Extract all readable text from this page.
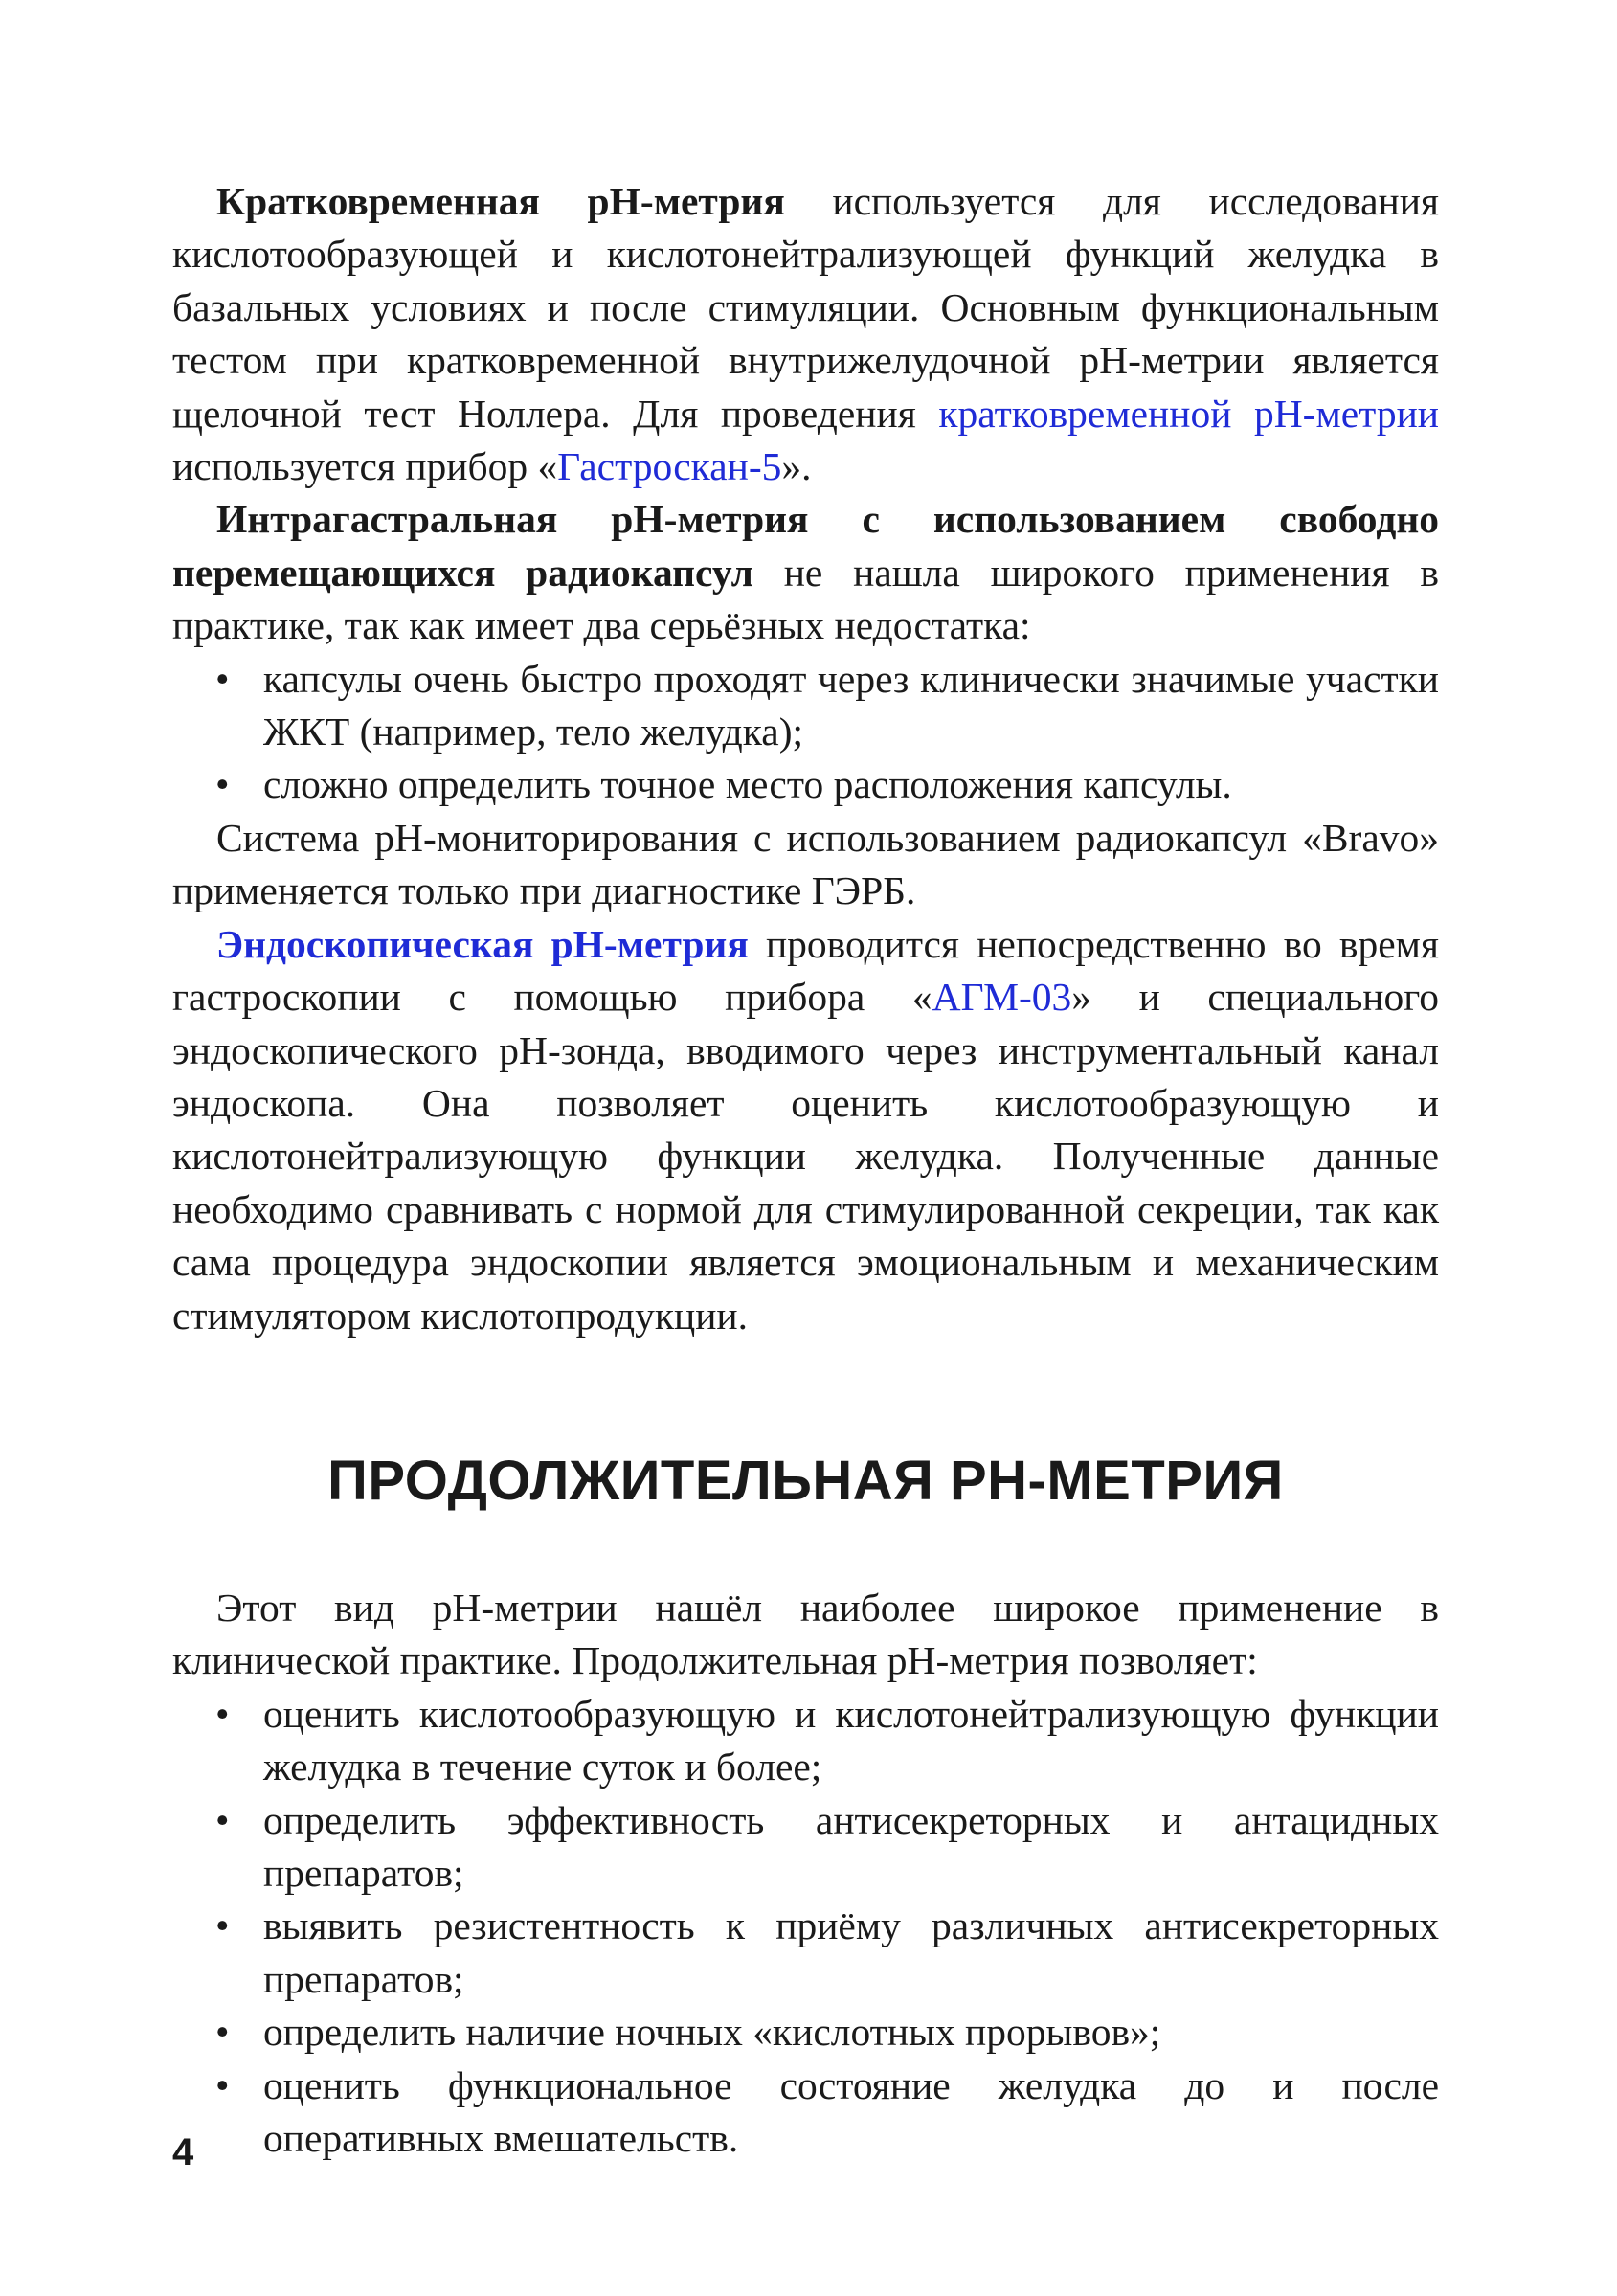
Кратковременная рН-метрия используется для исследования кислотообразующей и кислотонейтрализующей функций желудка в базальных условиях и после стимуляции. Основным функциональным тестом при кратковременной внутрижелудочной рН-метрии является щелочной тест Ноллера. Для проведения кратковременной рН-метрии используется прибор «Гастроскан-5».

Интрагастральная рН-метрия с использованием свободно перемещающихся радиокапсул не нашла широкого применения в практике, так как имеет два серьёзных недостатка:

• капсулы очень быстро проходят через клинически значимые участки ЖКТ (например, тело желудка);
• сложно определить точное место расположения капсулы.

Система рН-мониторирования с использованием радиокапсул «Bravo» применяется только при диагностике ГЭРБ.

Эндоскопическая рН-метрия проводится непосредственно во время гастроскопии с помощью прибора «АГМ-03» и специального эндоскопического рН-зонда, вводимого через инструментальный канал эндоскопа. Она позволяет оценить кислотообразующую и кислотонейтрализующую функции желудка. Полученные данные необходимо сравнивать с нормой для стимулированной секреции, так как сама процедура эндоскопии является эмоциональным и механическим стимулятором кислотопродукции.

ПРОДОЛЖИТЕЛЬНАЯ РН-МЕТРИЯ

Этот вид рН-метрии нашёл наиболее широкое применение в клинической практике. Продолжительная рН-метрия позволяет:

• оценить кислотообразующую и кислотонейтрализующую функции желудка в течение суток и более;
• определить эффективность антисекреторных и антацидных препаратов;
• выявить резистентность к приёму различных антисекреторных препаратов;
• определить наличие ночных «кислотных прорывов»;
• оценить функциональное состояние желудка до и после оперативных вмешательств.
4
